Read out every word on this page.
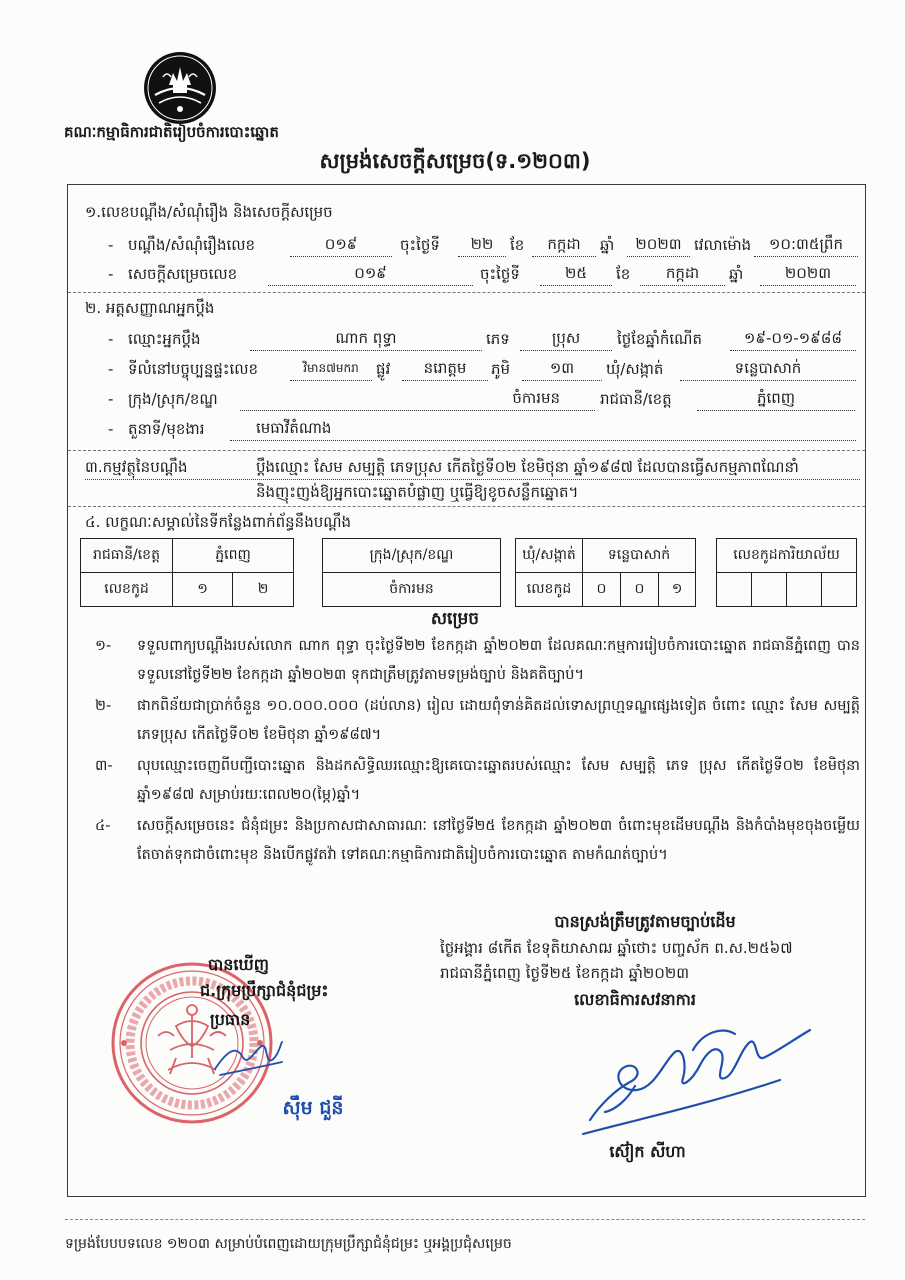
គណៈកម្មាធិការជាតិរៀបចំការបោះឆ្នោត
សម្រង់សេចក្ដីសម្រេច(ទ.១២០៣)
១.លេខបណ្ដឹង/សំណុំរឿង និងសេចក្ដីសម្រេច
- បណ្ដឹង/សំណុំរឿងលេខ	០១៩	ចុះថ្ងៃទី	២២	ខែ	កក្កដា	ឆ្នាំ	២០២៣ វេលាម៉ោង	១០:៣៥ព្រឹក
- សេចក្ដីសម្រេចលេខ	០១៩	ចុះថ្ងៃទី	២៥	ខែ	កក្កដា	ឆ្នាំ	២០២៣
២. អត្តសញ្ញាណអ្នកប្ដឹង
- ឈ្មោះអ្នកប្ដឹង	ណាក ពុទ្ធា	ភេទ	ប្រុស	ថ្ងៃខែឆ្នាំកំណើត	១៩-០១-១៩៨៨
- ទីលំនៅបច្ចុប្បន្នផ្ទះលេខ	វិមាន៧មករា	ផ្លូវ	នរោត្តម	ភូមិ	១៣	ឃុំ/សង្កាត់	ទន្លេបាសាក់
- ក្រុង/ស្រុក/ខណ្ឌ	ចំការមន	រាជធានី/ខេត្ត	ភ្នំពេញ
- តួនាទី/មុខងារ	មេធាវីតំណាង
៣.កម្មវត្ថុនៃបណ្ដឹង	ប្ដឹងឈ្មោះ សែម សម្បត្តិ ភេទប្រុស កើតថ្ងៃទី០២ ខែមិថុនា ឆ្នាំ១៩៨៧ ដែលបានធ្វើសកម្មភាពណែនាំ
និងញុះញង់ឱ្យអ្នកបោះឆ្នោតបំផ្លាញ ឬធ្វើឱ្យខូចសន្លឹកឆ្នោត។
៤. លក្ខណៈសម្គាល់នៃទីកន្លែងពាក់ព័ន្ធនឹងបណ្ដឹង
រាជធានី/ខេត្ត	ភ្នំពេញ	
លេខកូដ	១	២
ក្រុង/ស្រុក/ខណ្ឌ
ចំការមន
ឃុំ/សង្កាត់	ទន្លេបាសាក់		
លេខកូដ	០	០	១
លេខកូដការិយាល័យ

សម្រេច
១-	ទទួលពាក្យបណ្ដឹងរបស់លោក ណាក ពុទ្ធា ចុះថ្ងៃទី២២ ខែកក្កដា ឆ្នាំ២០២៣ ដែលគណៈកម្មការរៀបចំការបោះឆ្នោត រាជធានីភ្នំពេញ បានទទួលនៅថ្ងៃទី២២ ខែកក្កដា ឆ្នាំ២០២៣ ទុកជាត្រឹមត្រូវតាមទម្រង់ច្បាប់ និងគតិច្បាប់។
២-	ផាកពិន័យជាប្រាក់ចំនួន ១០.០០០.០០០ (ដប់លាន) រៀល ដោយពុំទាន់គិតដល់ទោសព្រហ្មទណ្ឌផ្សេងទៀត ចំពោះ ឈ្មោះ សែម សម្បត្តិ ភេទប្រុស កើតថ្ងៃទី០២ ខែមិថុនា ឆ្នាំ១៩៨៧។
៣-	លុបឈ្មោះចេញពីបញ្ជីបោះឆ្នោត និងដកសិទ្ធិឈរឈ្មោះឱ្យគេបោះឆ្នោតរបស់ឈ្មោះ សែម សម្បត្តិ ភេទ ប្រុស កើតថ្ងៃទី០២ ខែមិថុនា ឆ្នាំ១៩៨៧ សម្រាប់រយៈពេល២០(ម្ភៃ)ឆ្នាំ។
៤-	សេចក្ដីសម្រេចនេះ ជំនុំជម្រះ និងប្រកាសជាសាធារណៈ នៅថ្ងៃទី២៥ ខែកក្កដា ឆ្នាំ២០២៣ ចំពោះមុខដើមបណ្ដឹង និងកំបាំងមុខចុងចម្លើយ តែចាត់ទុកជាចំពោះមុខ និងបើកផ្លូវតវ៉ា ទៅគណៈកម្មាធិការជាតិរៀបចំការបោះឆ្នោត តាមកំណត់ច្បាប់។
បានស្រង់ត្រឹមត្រូវតាមច្បាប់ដើម
ថ្ងៃអង្គារ ៨កើត ខែទុតិយាសាឍ ឆ្នាំថោះ បញ្ចស័ក ព.ស.២៥៦៧
រាជធានីភ្នំពេញ ថ្ងៃទី២៥ ខែកក្កដា ឆ្នាំ២០២៣
លេខាធិការសវនាការ
ស៊ៀក សីហា
បានឃើញ
ជ.ក្រុមប្រឹក្សាជំនុំជម្រះ
ប្រធាន
ស៊ឹម ជួនី
ទម្រង់បែបបទលេខ ១២០៣ សម្រាប់បំពេញដោយក្រុមប្រឹក្សាជំនុំជម្រះ ឬអង្គប្រជុំសម្រេច
